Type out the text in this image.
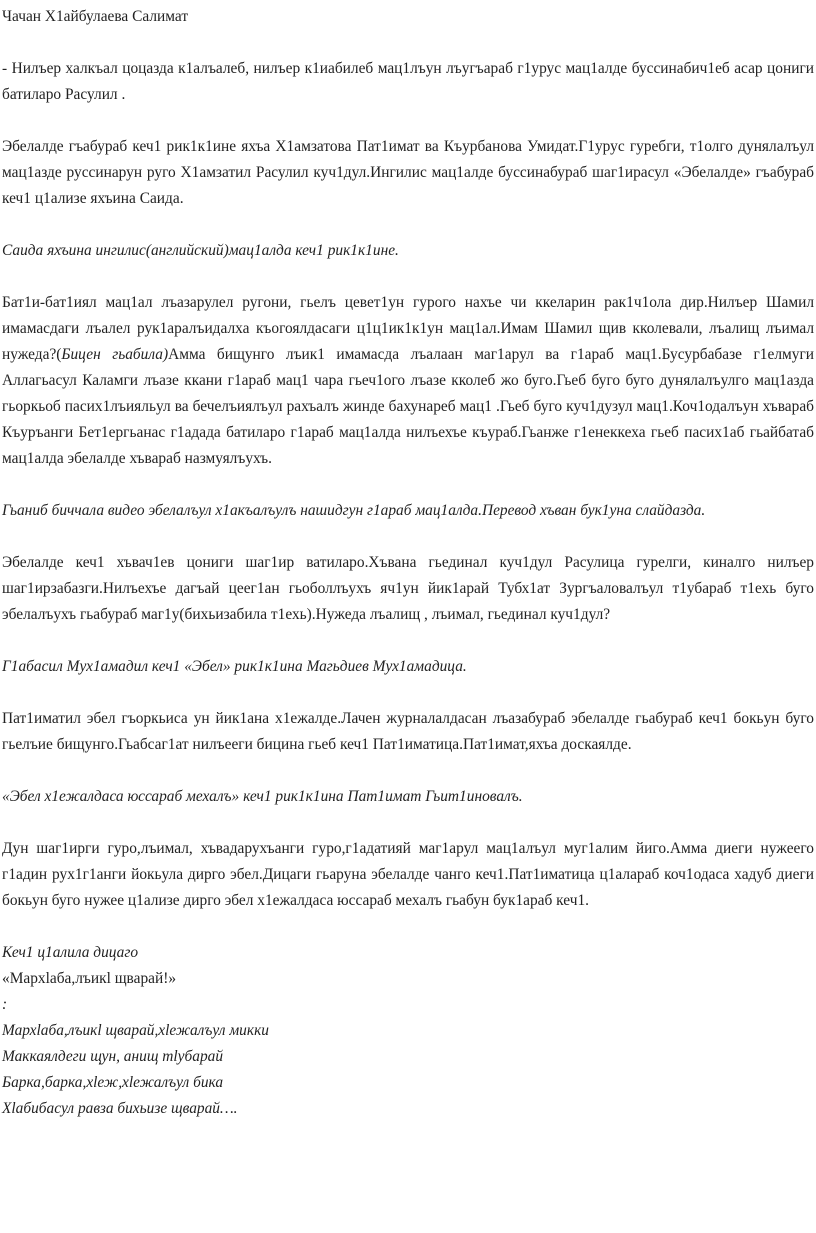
Чачан Х1айбулаева Салимат

- Нилъер халкъал цоцазда к1алъалеб, нилъер к1иабилеб мац1лъун лъугъараб г1урус мац1алде буссинабич1еб асар цониги батиларо Расулил .

Эбелалде гъабураб кеч1 рик1к1ине яхъа Х1амзатова Пат1имат ва Къурбанова Умидат.Г1урус гуребги, т1олго дунялалъул мац1азде руссинарун руго Х1амзатил Расулил куч1дул.Ингилис мац1алде буссинабураб шаг1ирасул «Эбелалде» гъабураб кеч1 ц1ализе яхъина Саида.

Саида яхъина ингилис(английский)мац1алда кеч1 рик1к1ине.

Бат1и-бат1иял мац1ал лъазарулел ругони, гьелъ цевет1ун гурого нахъе чи ккеларин рак1ч1ола дир.Нилъер Шамил имамасдаги лъалел рук1аралъидалха къогоялдасаги ц1ц1ик1к1ун мац1ал.Имам Шамил щив кколевали, лъалищ лъимал нужеда?(Бицен гьабила)Амма бищунго лъик1 имамасда лъалаан маг1арул ва г1араб мац1.Бусурбабазе г1елмуги Аллагьасул Каламги лъазе ккани г1араб мац1 чара гьеч1ого лъазе кколеб жо буго.Гьеб буго буго дунялалъулго мац1азда гьоркьоб пасих1лъияльул ва бечелъиялъул рахъалъ жинде бахунареб мац1 .Гьеб буго куч1дузул мац1.Коч1одалъун хъвараб Къуръанги Бет1ергьанас г1адада батиларо г1араб мац1алда нилъехъе къураб.Гьанже г1енеккеха гьеб пасих1аб гьайбатаб мац1алда эбелалде хъвараб назмуялъухъ.

Гьаниб биччала видео эбелалъул х1акъалъулъ нашидгун г1араб мац1алда.Перевод хъван бук1уна слайдазда.

Эбелалде кеч1 хъвач1ев цониги шаг1ир ватиларо.Хъвана гьединал куч1дул Расулица гурелги, киналго нилъер шаг1ирзабазги.Нилъехъе дагъай цеег1ан гьоболлъухъ яч1ун йик1арай Тубх1ат Зургъаловалъул т1убараб т1ехь буго эбелалъухъ гьабураб маг1у(бихьизабила т1ехь).Нужеда лъалищ , лъимал, гьединал куч1дул?

Г1абасил Мух1амадил кеч1 «Эбел» рик1к1ина Магьдиев Мух1амадица.

Пат1иматил эбел гъоркьиса ун йик1ана х1ежалде.Лачен журналалдасан лъазабураб эбелалде гьабураб кеч1 бокьун буго гьелъие бищунго.Гьабсаг1ат нилъееги бицина гьеб кеч1 Пат1иматица.Пат1имат,яхъа доскаялде.

«Эбел х1ежалдаса юссараб мехалъ» кеч1 рик1к1ина Пат1имат Гьит1иновалъ.

Дун шаг1ирги гуро,лъимал, хъвадарухъанги гуро,г1адатияй маг1арул мац1алъул муг1алим йиго.Амма диеги нужеего г1адин рух1г1анги йокьула дирго эбел.Дицаги гьаруна эбелалде чанго кеч1.Пат1иматица ц1алараб коч1одаса хадуб диеги бокьун буго нужее ц1ализе дирго эбел х1ежалдаса юссараб мехалъ гьабун бук1араб кеч1.

Кеч1 ц1алила дицаго
«Мархlаба,лъикl щварай!»
:

Мархlаба,лъикl щварай,хlежалъул микки
Маккаялдеги щун, анищ тlубарай
Барка,барка,хlеж,хlежалъул бика
Хlабибасул равза бихьизе щварай….
